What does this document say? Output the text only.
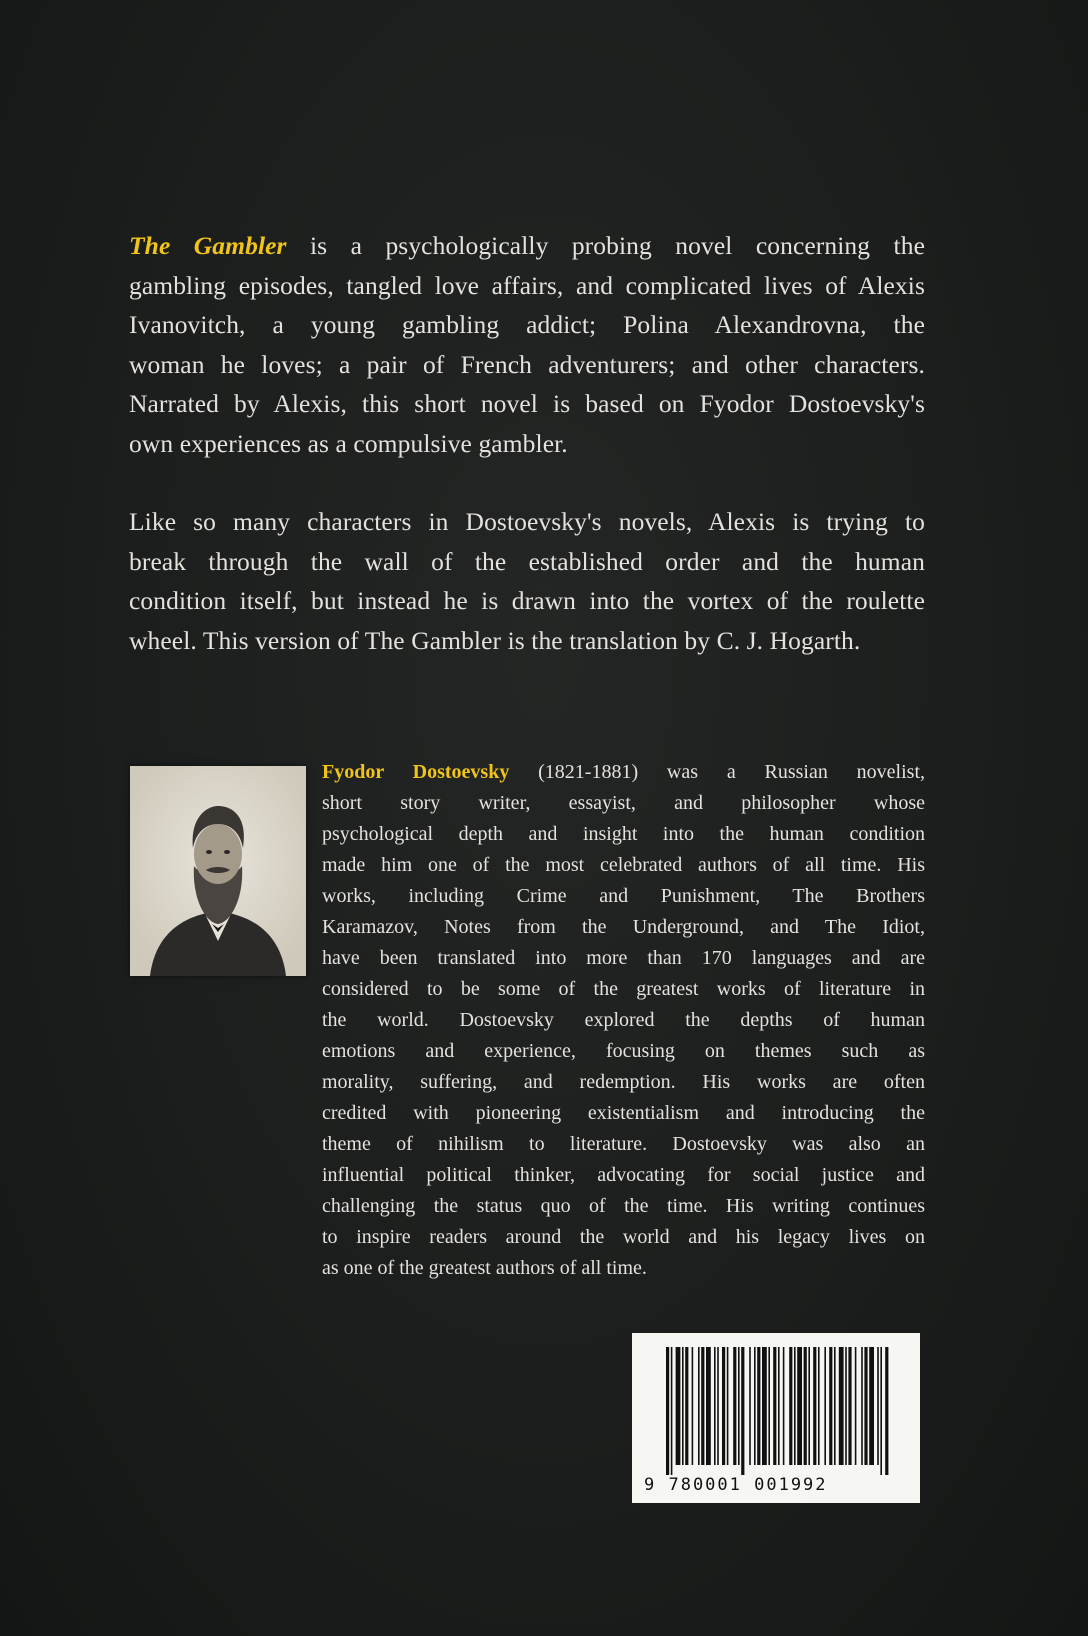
The Gambler is a psychologically probing novel concerning the
gambling episodes, tangled love affairs, and complicated lives of Alexis
Ivanovitch, a young gambling addict; Polina Alexandrovna, the
woman he loves; a pair of French adventurers; and other characters.
Narrated by Alexis, this short novel is based on Fyodor Dostoevsky's
own experiences as a compulsive gambler.

Like so many characters in Dostoevsky's novels, Alexis is trying to
break through the wall of the established order and the human
condition itself, but instead he is drawn into the vortex of the roulette
wheel. This version of The Gambler is the translation by C. J. Hogarth.

Fyodor Dostoevsky (1821-1881) was a Russian novelist,
short story writer, essayist, and philosopher whose
psychological depth and insight into the human condition
made him one of the most celebrated authors of all time. His
works, including Crime and Punishment, The Brothers
Karamazov, Notes from the Underground, and The Idiot,
have been translated into more than 170 languages and are
considered to be some of the greatest works of literature in
the world. Dostoevsky explored the depths of human
emotions and experience, focusing on themes such as
morality, suffering, and redemption. His works are often
credited with pioneering existentialism and introducing the
theme of nihilism to literature. Dostoevsky was also an
influential political thinker, advocating for social justice and
challenging the status quo of the time. His writing continues
to inspire readers around the world and his legacy lives on
as one of the greatest authors of all time.

9 780001 001992
